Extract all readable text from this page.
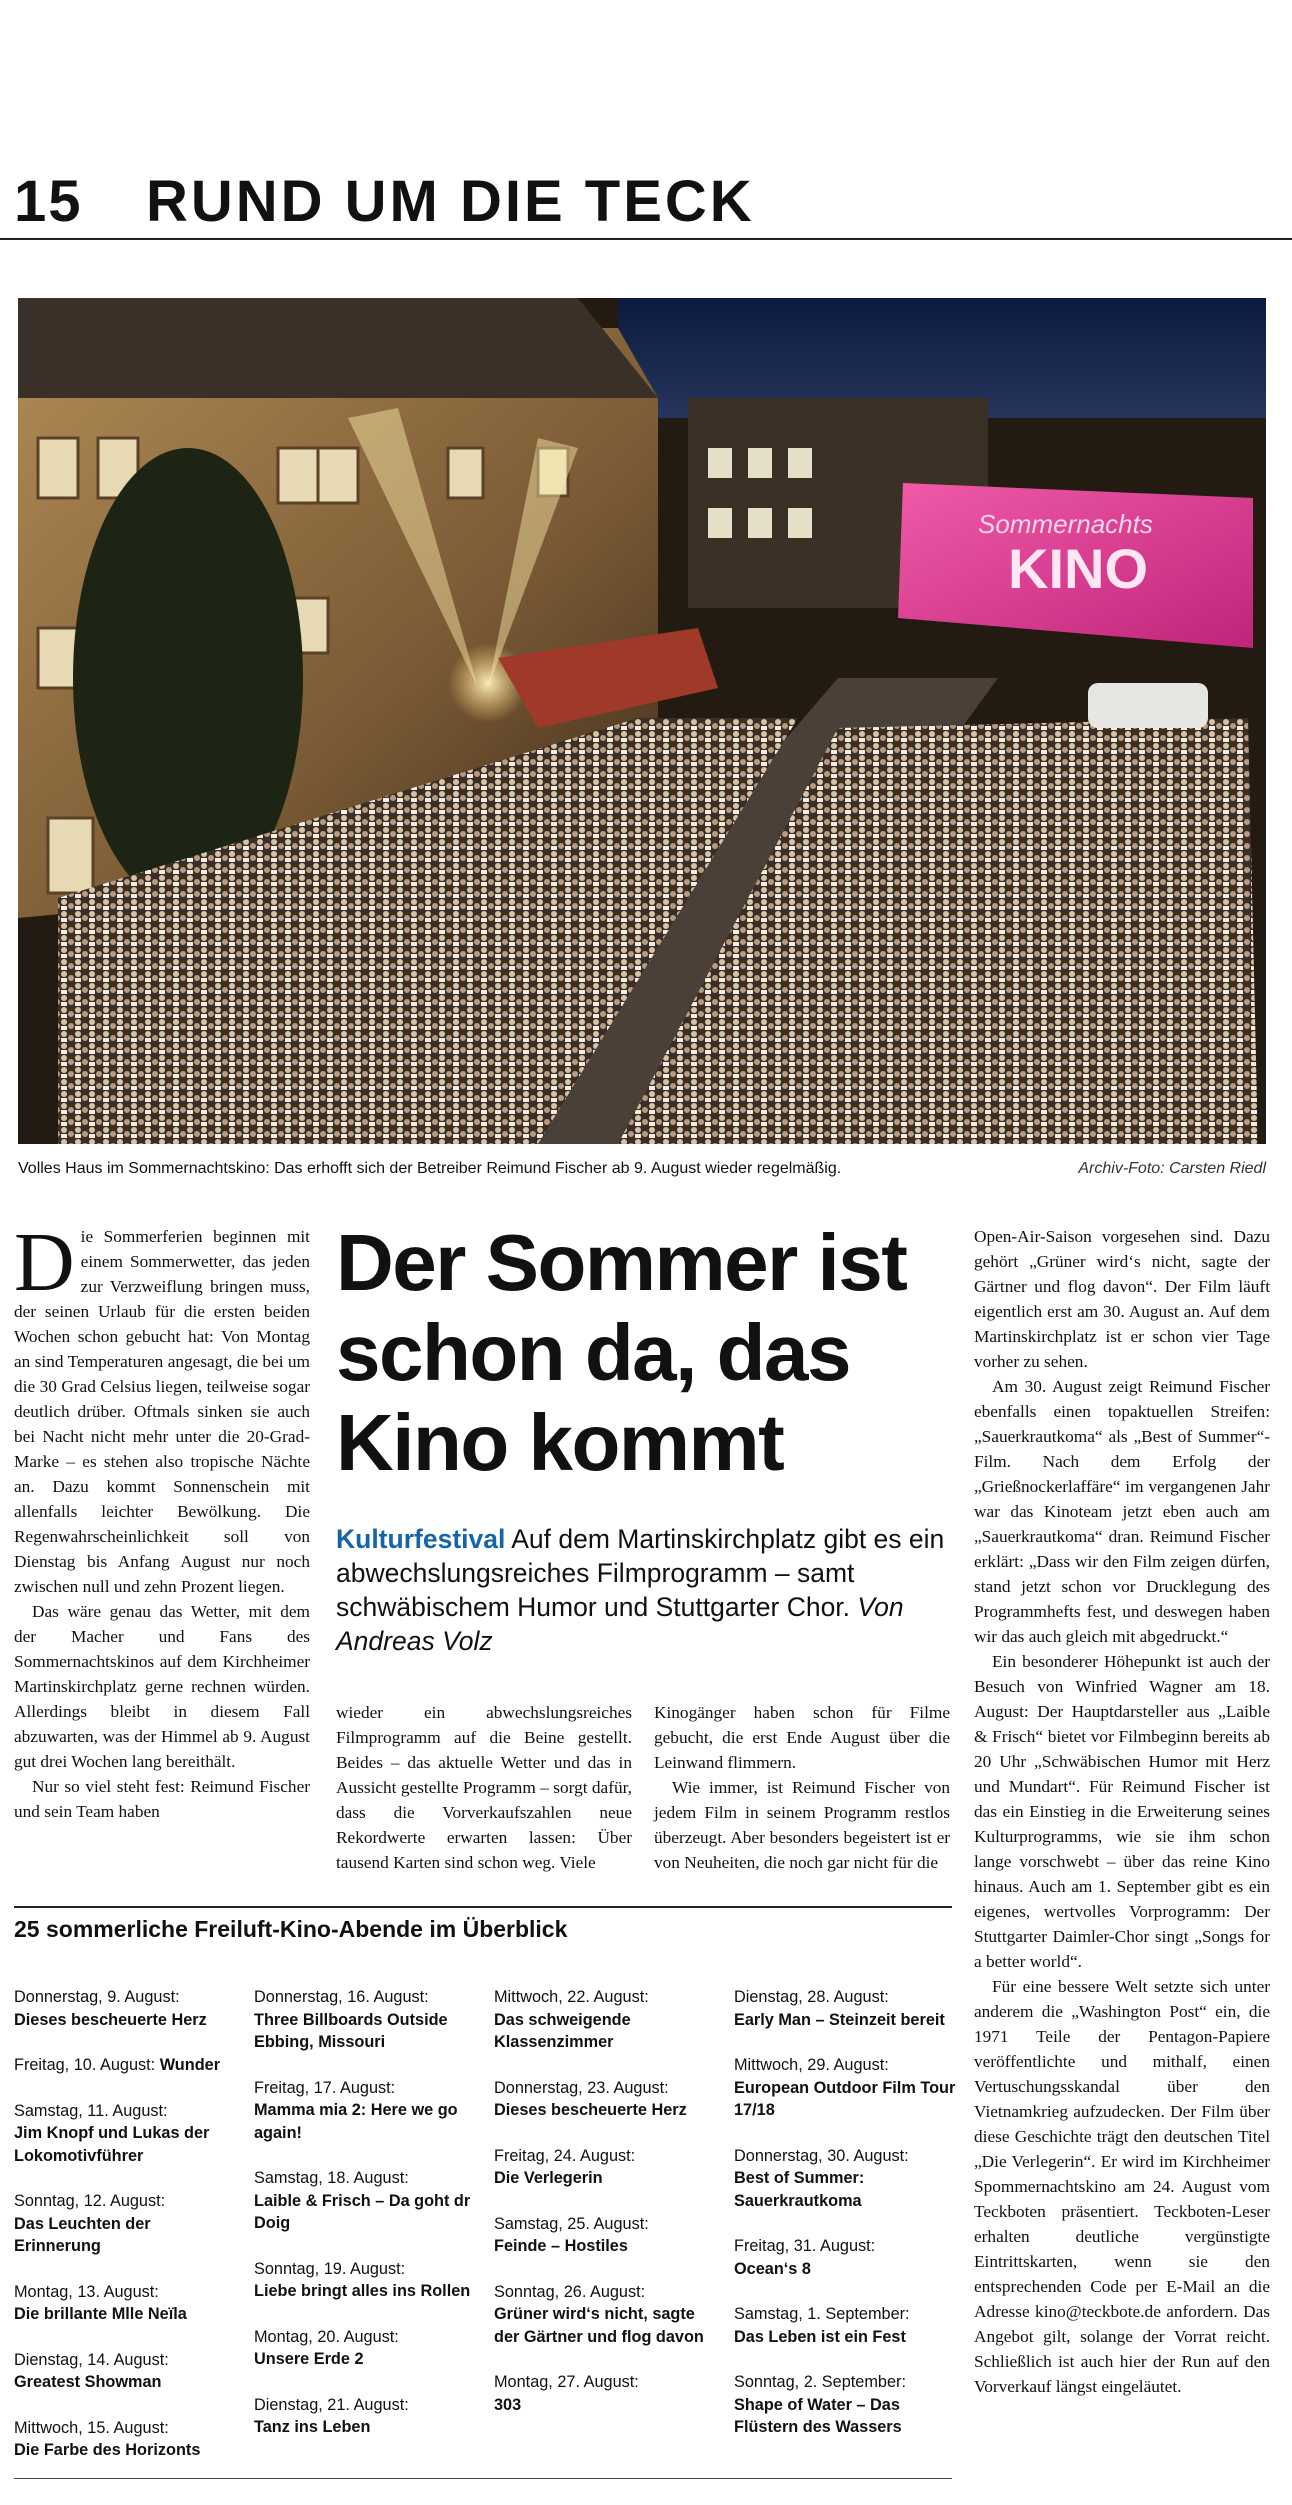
15 RUND UM DIE TECK
Sommernachts
KINO
Volles Haus im Sommernachtskino: Das erhofft sich der Betreiber Reimund Fischer ab 9. August wieder regelmäßig.	Archiv-Foto: Carsten Riedl

Die Sommerferien beginnen mit einem Sommerwetter, das jeden zur Verzweiflung bringen muss, der seinen Urlaub für die ersten beiden Wochen schon gebucht hat: Von Montag an sind Temperaturen angesagt, die bei um die 30 Grad Celsius liegen, teilweise sogar deutlich drüber. Oftmals sinken sie auch bei Nacht nicht mehr unter die 20-Grad-Marke – es stehen also tropische Nächte an. Dazu kommt Sonnenschein mit allenfalls leichter Bewölkung. Die Regenwahrscheinlichkeit soll von Dienstag bis Anfang August nur noch zwischen null und zehn Prozent liegen.

Das wäre genau das Wetter, mit dem der Macher und Fans des Sommernachtskinos auf dem Kirchheimer Martinskirchplatz gerne rechnen würden. Allerdings bleibt in diesem Fall abzuwarten, was der Himmel ab 9. August gut drei Wochen lang bereithält.

Nur so viel steht fest: Reimund Fischer und sein Team haben

Der Sommer ist schon da, das Kino kommt
Kulturfestival Auf dem Martinskirchplatz gibt es ein abwechslungsreiches Filmprogramm – samt schwäbischem Humor und Stuttgarter Chor. Von Andreas Volz

wieder ein abwechslungsreiches Filmprogramm auf die Beine gestellt. Beides – das aktuelle Wetter und das in Aussicht gestellte Programm – sorgt dafür, dass die Vorverkaufszahlen neue Rekordwerte erwarten lassen: Über tausend Karten sind schon weg. Viele

Kinogänger haben schon für Filme gebucht, die erst Ende August über die Leinwand flimmern.

Wie immer, ist Reimund Fischer von jedem Film in seinem Programm restlos überzeugt. Aber besonders begeistert ist er von Neuheiten, die noch gar nicht für die

Open-Air-Saison vorgesehen sind. Dazu gehört „Grüner wird‘s nicht, sagte der Gärtner und flog davon“. Der Film läuft eigentlich erst am 30. August an. Auf dem Martinskirchplatz ist er schon vier Tage vorher zu sehen.

Am 30. August zeigt Reimund Fischer ebenfalls einen topaktuellen Streifen: „Sauerkrautkoma“ als „Best of Summer“-Film. Nach dem Erfolg der „Grießnockerlaffäre“ im vergangenen Jahr war das Kinoteam jetzt eben auch am „Sauerkrautkoma“ dran. Reimund Fischer erklärt: „Dass wir den Film zeigen dürfen, stand jetzt schon vor Drucklegung des Programmhefts fest, und deswegen haben wir das auch gleich mit abgedruckt.“

Ein besonderer Höhepunkt ist auch der Besuch von Winfried Wagner am 18. August: Der Hauptdarsteller aus „Laible & Frisch“ bietet vor Filmbeginn bereits ab 20 Uhr „Schwäbischen Humor mit Herz und Mundart“. Für Reimund Fischer ist das ein Einstieg in die Erweiterung seines Kulturprogramms, wie sie ihm schon lange vorschwebt – über das reine Kino hinaus. Auch am 1. September gibt es ein eigenes, wertvolles Vorprogramm: Der Stuttgarter Daimler-Chor singt „Songs for a better world“.

Für eine bessere Welt setzte sich unter anderem die „Washington Post“ ein, die 1971 Teile der Pentagon-Papiere veröffentlichte und mithalf, einen Vertuschungsskandal über den Vietnamkrieg aufzudecken. Der Film über diese Geschichte trägt den deutschen Titel „Die Verlegerin“. Er wird im Kirchheimer Spommernachtskino am 24. August vom Teckboten präsentiert. Teckboten-Leser erhalten deutliche vergünstigte Eintrittskarten, wenn sie den entsprechenden Code per E-Mail an die Adresse kino@teckbote.de anfordern. Das Angebot gilt, solange der Vorrat reicht. Schließlich ist auch hier der Run auf den Vorverkauf längst eingeläutet.

25 sommerliche Freiluft-Kino-Abende im Überblick
Donnerstag, 9. August:
Dieses bescheuerte Herz
Freitag, 10. August: Wunder
Samstag, 11. August:
Jim Knopf und Lukas der Lokomotivführer
Sonntag, 12. August:
Das Leuchten der Erinnerung
Montag, 13. August:
Die brillante Mlle Neïla
Dienstag, 14. August:
Greatest Showman
Mittwoch, 15. August:
Die Farbe des Horizonts
Donnerstag, 16. August:
Three Billboards Outside Ebbing, Missouri
Freitag, 17. August:
Mamma mia 2: Here we go again!
Samstag, 18. August:
Laible & Frisch – Da goht dr Doig
Sonntag, 19. August:
Liebe bringt alles ins Rollen
Montag, 20. August:
Unsere Erde 2
Dienstag, 21. August:
Tanz ins Leben
Mittwoch, 22. August:
Das schweigende Klassenzimmer
Donnerstag, 23. August:
Dieses bescheuerte Herz
Freitag, 24. August:
Die Verlegerin
Samstag, 25. August:
Feinde – Hostiles
Sonntag, 26. August:
Grüner wird‘s nicht, sagte der Gärtner und flog davon
Montag, 27. August:
303
Dienstag, 28. August:
Early Man – Steinzeit bereit
Mittwoch, 29. August:
European Outdoor Film Tour 17/18
Donnerstag, 30. August:
Best of Summer: Sauerkrautkoma
Freitag, 31. August:
Ocean‘s 8
Samstag, 1. September:
Das Leben ist ein Fest
Sonntag, 2. September:
Shape of Water – Das Flüstern des Wassers
